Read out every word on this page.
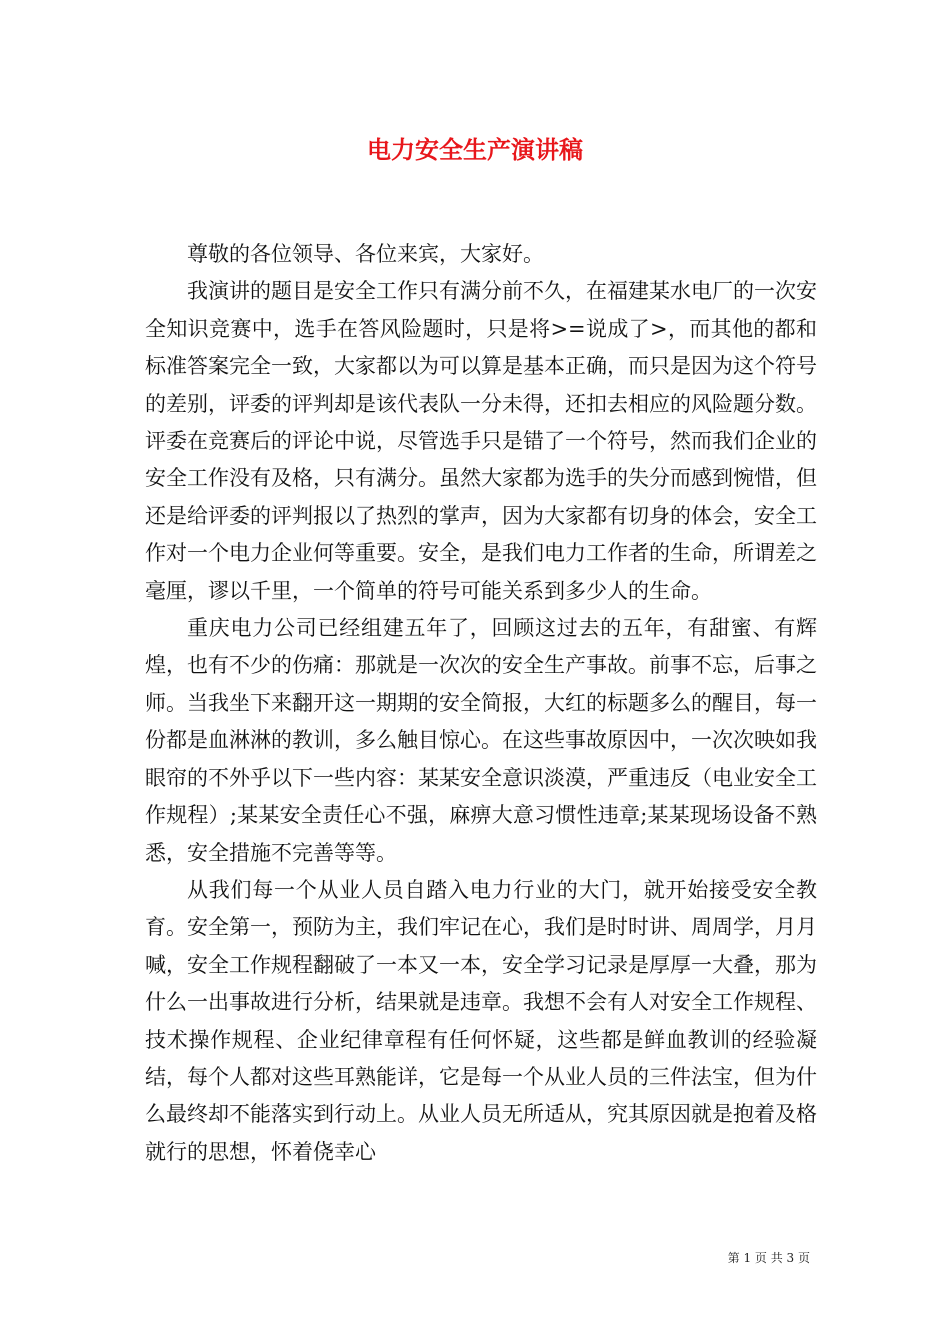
电力安全生产演讲稿

尊敬的各位领导、各位来宾，大家好。

我演讲的题目是安全工作只有满分前不久，在福建某水电厂的一次安全知识竞赛中，选手在答风险题时，只是将>=说成了>，而其他的都和标准答案完全一致，大家都以为可以算是基本正确，而只是因为这个符号的差别，评委的评判却是该代表队一分未得，还扣去相应的风险题分数。评委在竞赛后的评论中说，尽管选手只是错了一个符号，然而我们企业的安全工作没有及格，只有满分。虽然大家都为选手的失分而感到惋惜，但还是给评委的评判报以了热烈的掌声，因为大家都有切身的体会，安全工作对一个电力企业何等重要。安全，是我们电力工作者的生命，所谓差之毫厘，谬以千里，一个简单的符号可能关系到多少人的生命。

重庆电力公司已经组建五年了，回顾这过去的五年，有甜蜜、有辉煌，也有不少的伤痛：那就是一次次的安全生产事故。前事不忘，后事之师。当我坐下来翻开这一期期的安全简报，大红的标题多么的醒目，每一份都是血淋淋的教训，多么触目惊心。在这些事故原因中，一次次映如我眼帘的不外乎以下一些内容：某某安全意识淡漠，严重违反（电业安全工作规程）;某某安全责任心不强，麻痹大意习惯性违章;某某现场设备不熟悉，安全措施不完善等等。

从我们每一个从业人员自踏入电力行业的大门，就开始接受安全教育。安全第一，预防为主，我们牢记在心，我们是时时讲、周周学，月月喊，安全工作规程翻破了一本又一本，安全学习记录是厚厚一大叠，那为什么一出事故进行分析，结果就是违章。我想不会有人对安全工作规程、技术操作规程、企业纪律章程有任何怀疑，这些都是鲜血教训的经验凝结，每个人都对这些耳熟能详，它是每一个从业人员的三件法宝，但为什么最终却不能落实到行动上。从业人员无所适从，究其原因就是抱着及格就行的思想，怀着侥幸心

第 1 页 共 3 页
